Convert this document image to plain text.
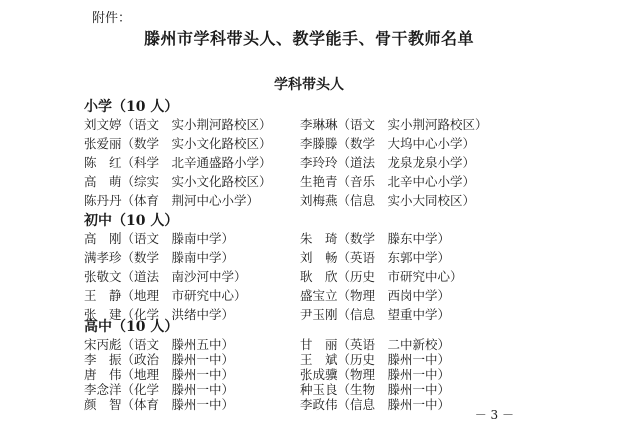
附件：
滕州市学科带头人、教学能手、骨干教师名单
学科带头人
小学（10 人）
刘文婷（语文　实小荆河路校区） 李琳琳（语文　实小荆河路校区）
张爱丽（数学　实小文化路校区） 李滕滕（数学　大坞中心小学）
陈　红（科学　北辛通盛路小学） 李玲玲（道法　龙泉龙泉小学）
高　萌（综实　实小文化路校区） 生艳青（音乐　北辛中心小学）
陈丹丹（体育　荆河中心小学）	刘梅燕（信息　实小大同校区）
初中（10 人）
高　刚（语文　滕南中学）	朱　琦（数学　滕东中学）
满孝珍（数学　滕南中学）	刘　畅（英语　东郭中学）
张敬文（道法　南沙河中学）	耿　欣（历史　市研究中心）
王　静（地理　市研究中心）	盛宝立（物理　西岗中学）
张　建（化学　洪绪中学）	尹玉刚（信息　望重中学）
高中（10 人）
宋丙彪（语文　滕州五中）	甘　丽（英语　二中新校）
李　振（政治　滕州一中）	王　斌（历史　滕州一中）
唐　伟（地理　滕州一中）	张成骥（物理　滕州一中）
李念洋（化学　滕州一中）	种玉良（生物　滕州一中）
颜　智（体育　滕州一中）	李政伟（信息　滕州一中）
－ 3 －
